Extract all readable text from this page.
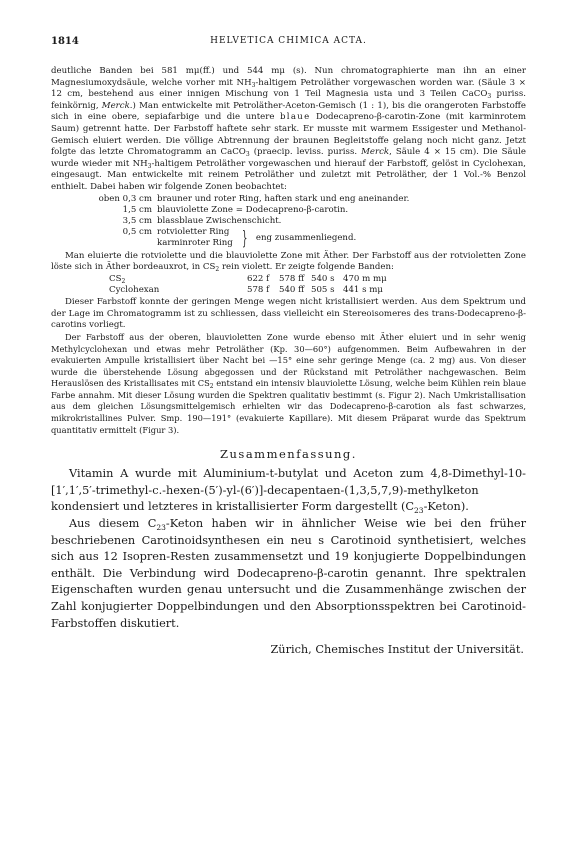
1814	HELVETICA CHIMICA ACTA.

deutliche Banden bei 581 mμ(ff.) und 544 mμ (s). Nun chromatographierte man ihn an einer Magnesiumoxydsäule, welche vorher mit $NH_3$-haltigem Petroläther vorgewaschen worden war. (Säule 3 × 12 cm, bestehend aus einer innigen Mischung von 1 Teil Magnesia usta und 3 Teilen CaCO$_3$ puriss. feinkörnig, Merck.) Man entwickelte mit Petroläther-Aceton-Gemisch (1 : 1), bis die orangeroten Farbstoffe sich in eine obere, sepiafarbige und die untere blaue Dodecapreno-β-carotin-Zone (mit karminrotem Saum) getrennt hatte. Der Farbstoff haftete sehr stark. Er musste mit warmem Essigester und Methanol-Gemisch eluiert werden. Die völlige Abtrennung der braunen Begleitstoffe gelang noch nicht ganz. Jetzt folgte das letzte Chromatogramm an CaCO$_3$ (praecip. leviss. puriss. Merck, Säule 4 × 15 cm). Die Säule wurde wieder mit $NH_3$-haltigem Petroläther vorgewaschen und hierauf der Farbstoff, gelöst in Cyclohexan, eingesaugt. Man entwickelte mit reinem Petroläther und zuletzt mit Petroläther, der 1 Vol.-% Benzol enthielt. Dabei haben wir folgende Zonen beobachtet:

oben 0,3 cm brauner und roter Ring, haften stark und eng aneinander.
1,5 cm blauviolette Zone = Dodecapreno-β-carotin.
3,5 cm blassblaue Zwischenschicht.
0,5 cm rotvioletter Ring
karminroter Ring } eng zusammenliegend.

Man eluierte die rotviolette und die blauviolette Zone mit Äther. Der Farbstoff aus der rotvioletten Zone löste sich in Äther bordeauxrot, in $CS_2$ rein violett. Er zeigte folgende Banden:

$CS_2$	622 f	578 ff	540 s	470 m mμ
Cyclohexan	578 f	540 ff	505 s	441 s mμ

Dieser Farbstoff konnte der geringen Menge wegen nicht kristallisiert werden. Aus dem Spektrum und der Lage im Chromatogramm ist zu schliessen, dass vielleicht ein Stereoisomeres des trans-Dodecapreno-β-carotins vorliegt.

Der Farbstoff aus der oberen, blauvioletten Zone wurde ebenso mit Äther eluiert und in sehr wenig Methylcyclohexan und etwas mehr Petroläther (Kp. 30—60°) aufgenommen. Beim Aufbewahren in der evakuierten Ampulle kristallisiert über Nacht bei —15° eine sehr geringe Menge (ca. 2 mg) aus. Von dieser wurde die überstehende Lösung abgegossen und der Rückstand mit Petroläther nachgewaschen. Beim Herauslösen des Kristallisates mit $CS_2$ entstand ein intensiv blauviolette Lösung, welche beim Kühlen rein blaue Farbe annahm. Mit dieser Lösung wurden die Spektren qualitativ bestimmt (s. Figur 2). Nach Umkristallisation aus dem gleichen Lösungsmittelgemisch erhielten wir das Dodecapreno-β-carotion als fast schwarzes, mikrokristallines Pulver. Smp. 190—191° (evakuierte Kapillare). Mit diesem Präparat wurde das Spektrum quantitativ ermittelt (Figur 3).

Zusammenfassung.

Vitamin A wurde mit Aluminium-t-butylat und Aceton zum 4,8-Dimethyl-10-[1′,1′,5′-trimethyl-c.-hexen-(5′)-yl-(6′)]-decapentaen-(1,3,5,7,9)-methylketon kondensiert und letzteres in kristallisierter Form dargestellt $(C_{23}-Keton)$.

Aus diesem $C_{23}$-Keton haben wir in ähnlicher Weise wie bei den früher beschriebenen Carotinoidsynthesen ein neu s Carotinoid synthetisiert, welches sich aus 12 Isopren-Resten zusammensetzt und 19 konjugierte Doppelbindungen enthält. Die Verbindung wird Dodecapreno-β-carotin genannt. Ihre spektralen Eigenschaften wurden genau untersucht und die Zusammenhänge zwischen der Zahl konjugierter Doppelbindungen und den Absorptionsspektren bei Carotinoid-Farbstoffen diskutiert.

Zürich, Chemisches Institut der Universität.
